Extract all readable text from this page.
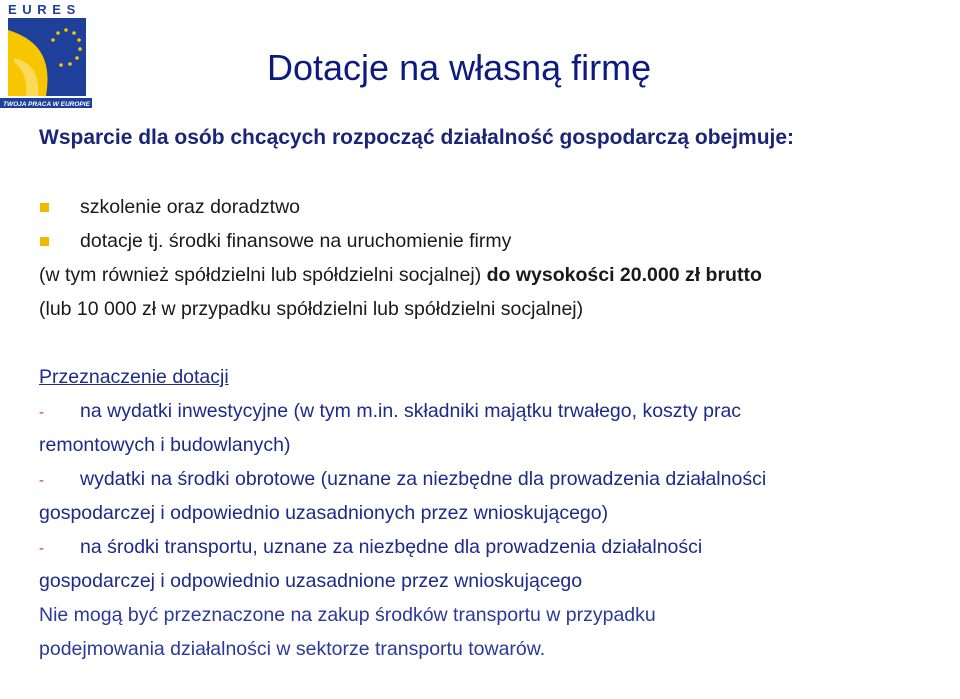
TWOJA PRACA W EUROPIE
E U R E S
Dotacje na własną firmę
Wsparcie dla osób chcących rozpocząć działalność gospodarczą obejmuje:
szkolenie oraz doradztwo
dotacje tj. środki finansowe na uruchomienie firmy
(w tym również spółdzielni lub spółdzielni socjalnej) do wysokości 20.000 zł brutto
(lub 10 000 zł w przypadku spółdzielni lub spółdzielni socjalnej)
Przeznaczenie dotacji
- na wydatki inwestycyjne (w tym m.in. składniki majątku trwałego, koszty prac
remontowych i budowlanych)
- wydatki na środki obrotowe (uznane za niezbędne dla prowadzenia działalności
gospodarczej i odpowiednio uzasadnionych przez wnioskującego)
- na środki transportu, uznane za niezbędne dla prowadzenia działalności
gospodarczej i odpowiednio uzasadnione przez wnioskującego
Nie mogą być przeznaczone na zakup środków transportu w przypadku
podejmowania działalności w sektorze transportu towarów.
